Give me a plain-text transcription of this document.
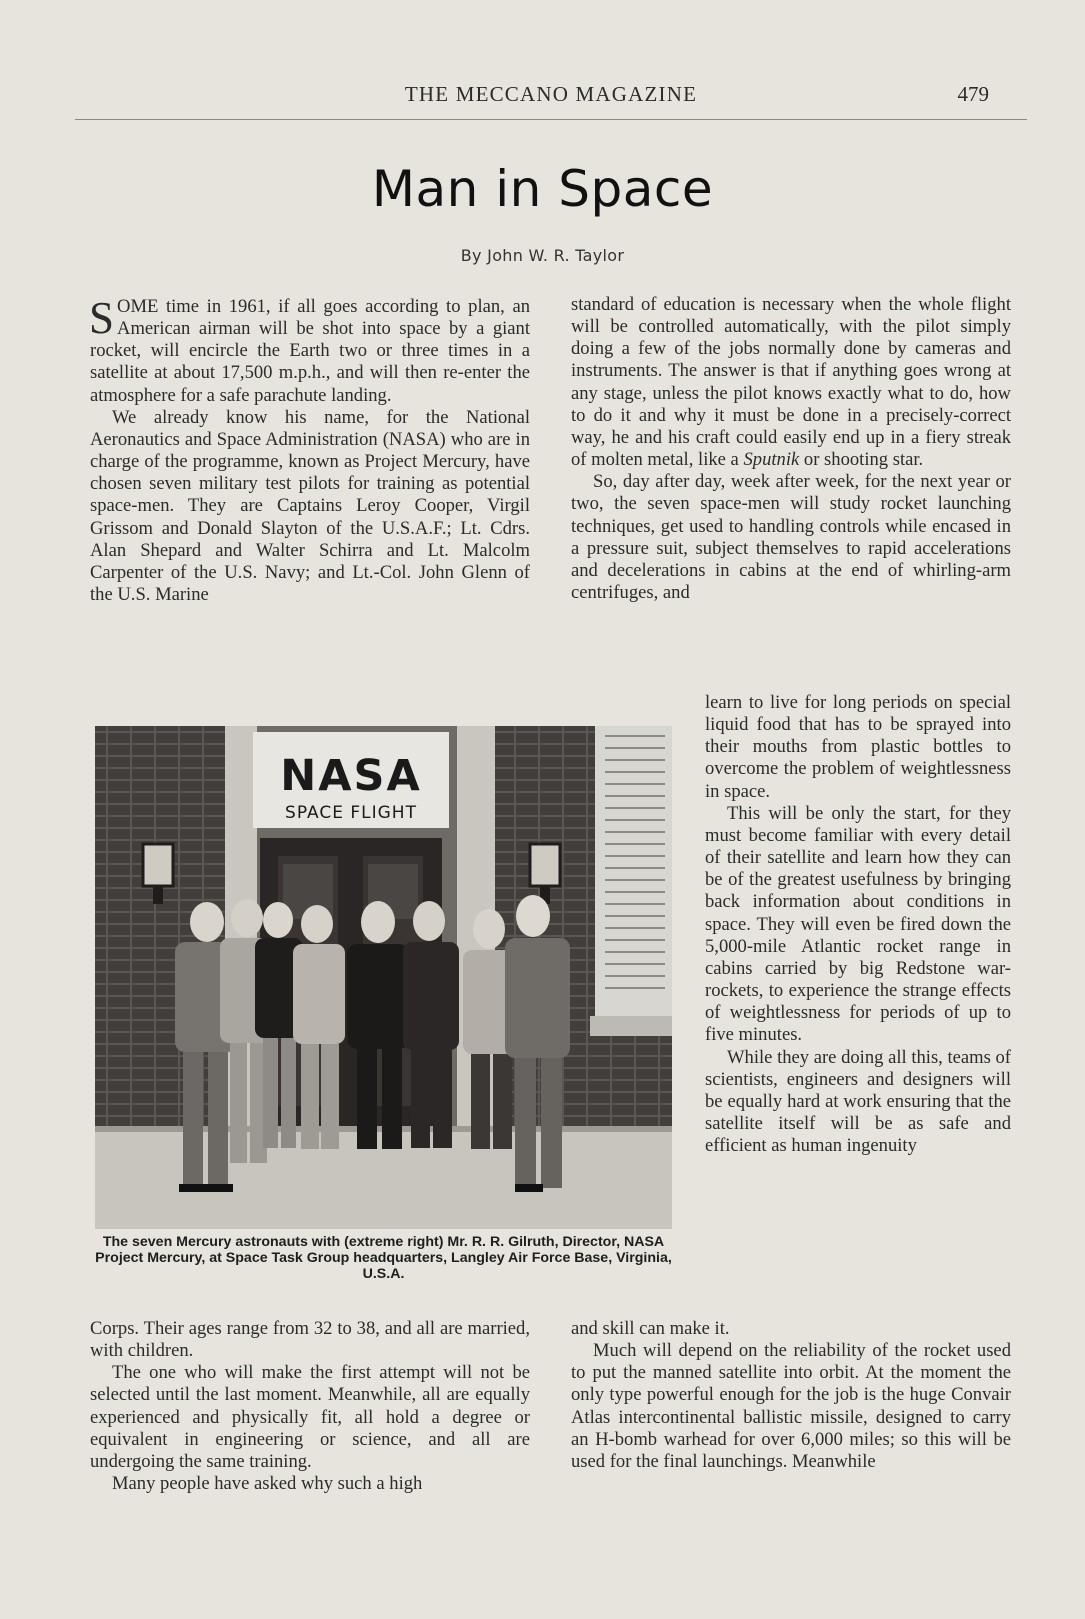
THE MECCANO MAGAZINE	479
Man in Space
By John W. R. Taylor

SOME time in 1961, if all goes according to plan, an American airman will be shot into space by a giant rocket, will encircle the Earth two or three times in a satellite at about 17,500 m.p.h., and will then re-enter the atmosphere for a safe parachute landing.

We already know his name, for the National Aeronautics and Space Administration (NASA) who are in charge of the programme, known as Project Mercury, have chosen seven military test pilots for training as potential space-men. They are Captains Leroy Cooper, Virgil Grissom and Donald Slayton of the U.S.A.F.; Lt. Cdrs. Alan Shepard and Walter Schirra and Lt. Malcolm Carpenter of the U.S. Navy; and Lt.-Col. John Glenn of the U.S. Marine

standard of education is necessary when the whole flight will be controlled automatically, with the pilot simply doing a few of the jobs normally done by cameras and instruments. The answer is that if anything goes wrong at any stage, unless the pilot knows exactly what to do, how to do it and why it must be done in a precisely-correct way, he and his craft could easily end up in a fiery streak of molten metal, like a Sputnik or shooting star.

So, day after day, week after week, for the next year or two, the seven space-men will study rocket launching techniques, get used to handling controls while encased in a pressure suit, subject themselves to rapid accelerations and decelerations in cabins at the end of whirling-arm centrifuges, and

learn to live for long periods on special liquid food that has to be sprayed into their mouths from plastic bottles to overcome the problem of weightlessness in space.

This will be only the start, for they must become familiar with every detail of their satellite and learn how they can be of the greatest usefulness by bringing back information about conditions in space. They will even be fired down the 5,000-mile Atlantic rocket range in cabins carried by big Redstone war-rockets, to experience the strange effects of weightlessness for periods of up to five minutes.

While they are doing all this, teams of scientists, engineers and designers will be equally hard at work ensuring that the satellite itself will be as safe and efficient as human ingenuity

NASA
SPACE FLIGHT
The seven Mercury astronauts with (extreme right) Mr. R. R. Gilruth, Director, NASA Project Mercury, at Space Task Group headquarters, Langley Air Force Base, Virginia, U.S.A.

Corps. Their ages range from 32 to 38, and all are married, with children.

The one who will make the first attempt will not be selected until the last moment. Meanwhile, all are equally experienced and physically fit, all hold a degree or equivalent in engineering or science, and all are undergoing the same training.

Many people have asked why such a high

and skill can make it.

Much will depend on the reliability of the rocket used to put the manned satellite into orbit. At the moment the only type powerful enough for the job is the huge Convair Atlas intercontinental ballistic missile, designed to carry an H-bomb warhead for over 6,000 miles; so this will be used for the final launchings. Meanwhile
